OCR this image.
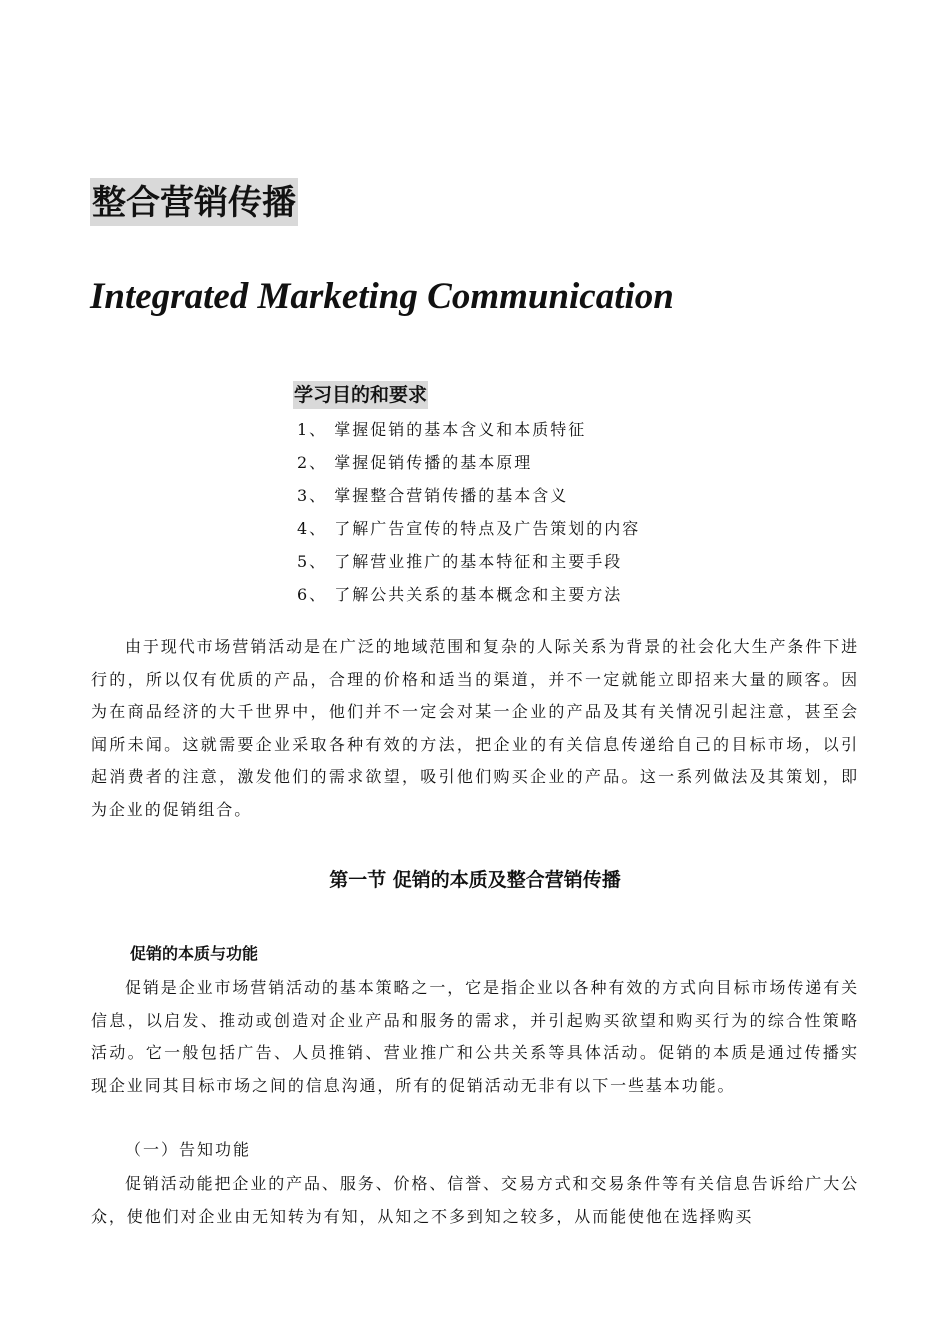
整合营销传播
Integrated Marketing Communication
学习目的和要求
1、 掌握促销的基本含义和本质特征
2、 掌握促销传播的基本原理
3、 掌握整合营销传播的基本含义
4、 了解广告宣传的特点及广告策划的内容
5、 了解营业推广的基本特征和主要手段
6、 了解公共关系的基本概念和主要方法

由于现代市场营销活动是在广泛的地域范围和复杂的人际关系为背景的社会化大生产条件下进行的，所以仅有优质的产品，合理的价格和适当的渠道，并不一定就能立即招来大量的顾客。因为在商品经济的大千世界中，他们并不一定会对某一企业的产品及其有关情况引起注意，甚至会闻所未闻。这就需要企业采取各种有效的方法，把企业的有关信息传递给自己的目标市场，以引起消费者的注意，激发他们的需求欲望，吸引他们购买企业的产品。这一系列做法及其策划，即为企业的促销组合。

第一节 促销的本质及整合营销传播
促销的本质与功能

促销是企业市场营销活动的基本策略之一，它是指企业以各种有效的方式向目标市场传递有关信息，以启发、推动或创造对企业产品和服务的需求，并引起购买欲望和购买行为的综合性策略活动。它一般包括广告、人员推销、营业推广和公共关系等具体活动。促销的本质是通过传播实现企业同其目标市场之间的信息沟通，所有的促销活动无非有以下一些基本功能。

（一）告知功能

促销活动能把企业的产品、服务、价格、信誉、交易方式和交易条件等有关信息告诉给广大公众，使他们对企业由无知转为有知，从知之不多到知之较多，从而能使他在选择购买
